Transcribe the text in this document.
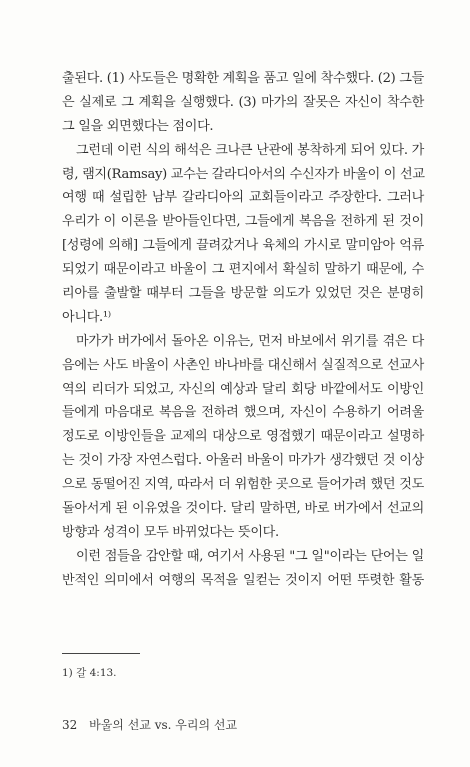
출된다. (1) 사도들은 명확한 계획을 품고 일에 착수했다. (2) 그들
은 실제로 그 계획을 실행했다. (3) 마가의 잘못은 자신이 착수한
그 일을 외면했다는 점이다.
그런데 이런 식의 해석은 크나큰 난관에 봉착하게 되어 있다. 가
령, 램지(Ramsay) 교수는 갈라디아서의 수신자가 바울이 이 선교
여행 때 설립한 남부 갈라디아의 교회들이라고 주장한다. 그러나
우리가 이 이론을 받아들인다면, 그들에게 복음을 전하게 된 것이
[성령에 의해] 그들에게 끌려갔거나 육체의 가시로 말미암아 억류
되었기 때문이라고 바울이 그 편지에서 확실히 말하기 때문에, 수
리아를 출발할 때부터 그들을 방문할 의도가 있었던 것은 분명히
아니다.¹⁾
마가가 버가에서 돌아온 이유는, 먼저 바보에서 위기를 겪은 다
음에는 사도 바울이 사촌인 바나바를 대신해서 실질적으로 선교사
역의 리더가 되었고, 자신의 예상과 달리 회당 바깥에서도 이방인
들에게 마음대로 복음을 전하려 했으며, 자신이 수용하기 어려울
정도로 이방인들을 교제의 대상으로 영접했기 때문이라고 설명하
는 것이 가장 자연스럽다. 아울러 바울이 마가가 생각했던 것 이상
으로 동떨어진 지역, 따라서 더 위험한 곳으로 들어가려 했던 것도
돌아서게 된 이유였을 것이다. 달리 말하면, 바로 버가에서 선교의
방향과 성격이 모두 바뀌었다는 뜻이다.
이런 점들을 감안할 때, 여기서 사용된 "그 일"이라는 단어는 일
반적인 의미에서 여행의 목적을 일컫는 것이지 어떤 뚜렷한 활동
1) 갈 4:13.
32 바울의 선교 vs. 우리의 선교
